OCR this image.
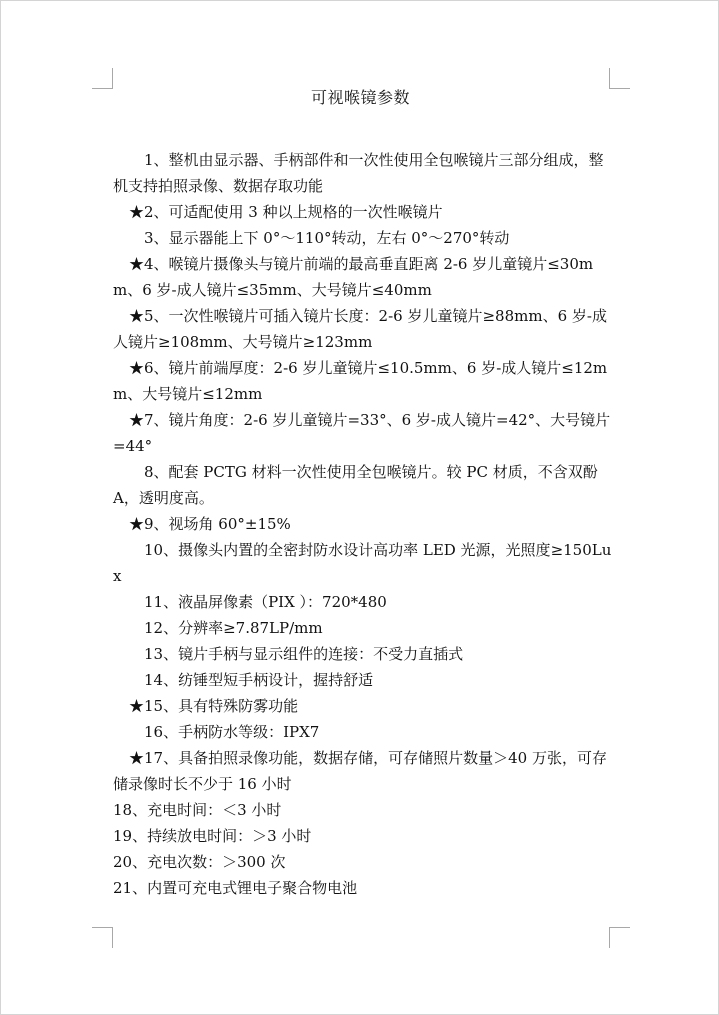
可视喉镜参数

1、整机由显示器、手柄部件和一次性使用全包喉镜片三部分组成，整机支持拍照录像、数据存取功能

★2、可适配使用 3 种以上规格的一次性喉镜片

3、显示器能上下 0°～110°转动，左右 0°～270°转动

★4、喉镜片摄像头与镜片前端的最高垂直距离 2-6 岁儿童镜片≤30mm、6 岁-成人镜片≤35mm、大号镜片≤40mm

★5、一次性喉镜片可插入镜片长度：2-6 岁儿童镜片≥88mm、6 岁-成人镜片≥108mm、大号镜片≥123mm

★6、镜片前端厚度：2-6 岁儿童镜片≤10.5mm、6 岁-成人镜片≤12mm、大号镜片≤12mm

★7、镜片角度：2-6 岁儿童镜片=33°、6 岁-成人镜片=42°、大号镜片=44°

8、配套 PCTG 材料一次性使用全包喉镜片。较 PC 材质，不含双酚 A，透明度高。

★9、视场角 60°±15%

10、摄像头内置的全密封防水设计高功率 LED 光源，光照度≥150Lux

11、液晶屏像素（PIX ）：720*480

12、分辨率≥7.87LP/mm

13、镜片手柄与显示组件的连接：不受力直插式

14、纺锤型短手柄设计，握持舒适

★15、具有特殊防雾功能

16、手柄防水等级：IPX7

★17、具备拍照录像功能，数据存储，可存储照片数量＞40 万张，可存储录像时长不少于 16 小时

18、充电时间：＜3 小时

19、持续放电时间：＞3 小时

20、充电次数：＞300 次

21、内置可充电式锂电子聚合物电池
